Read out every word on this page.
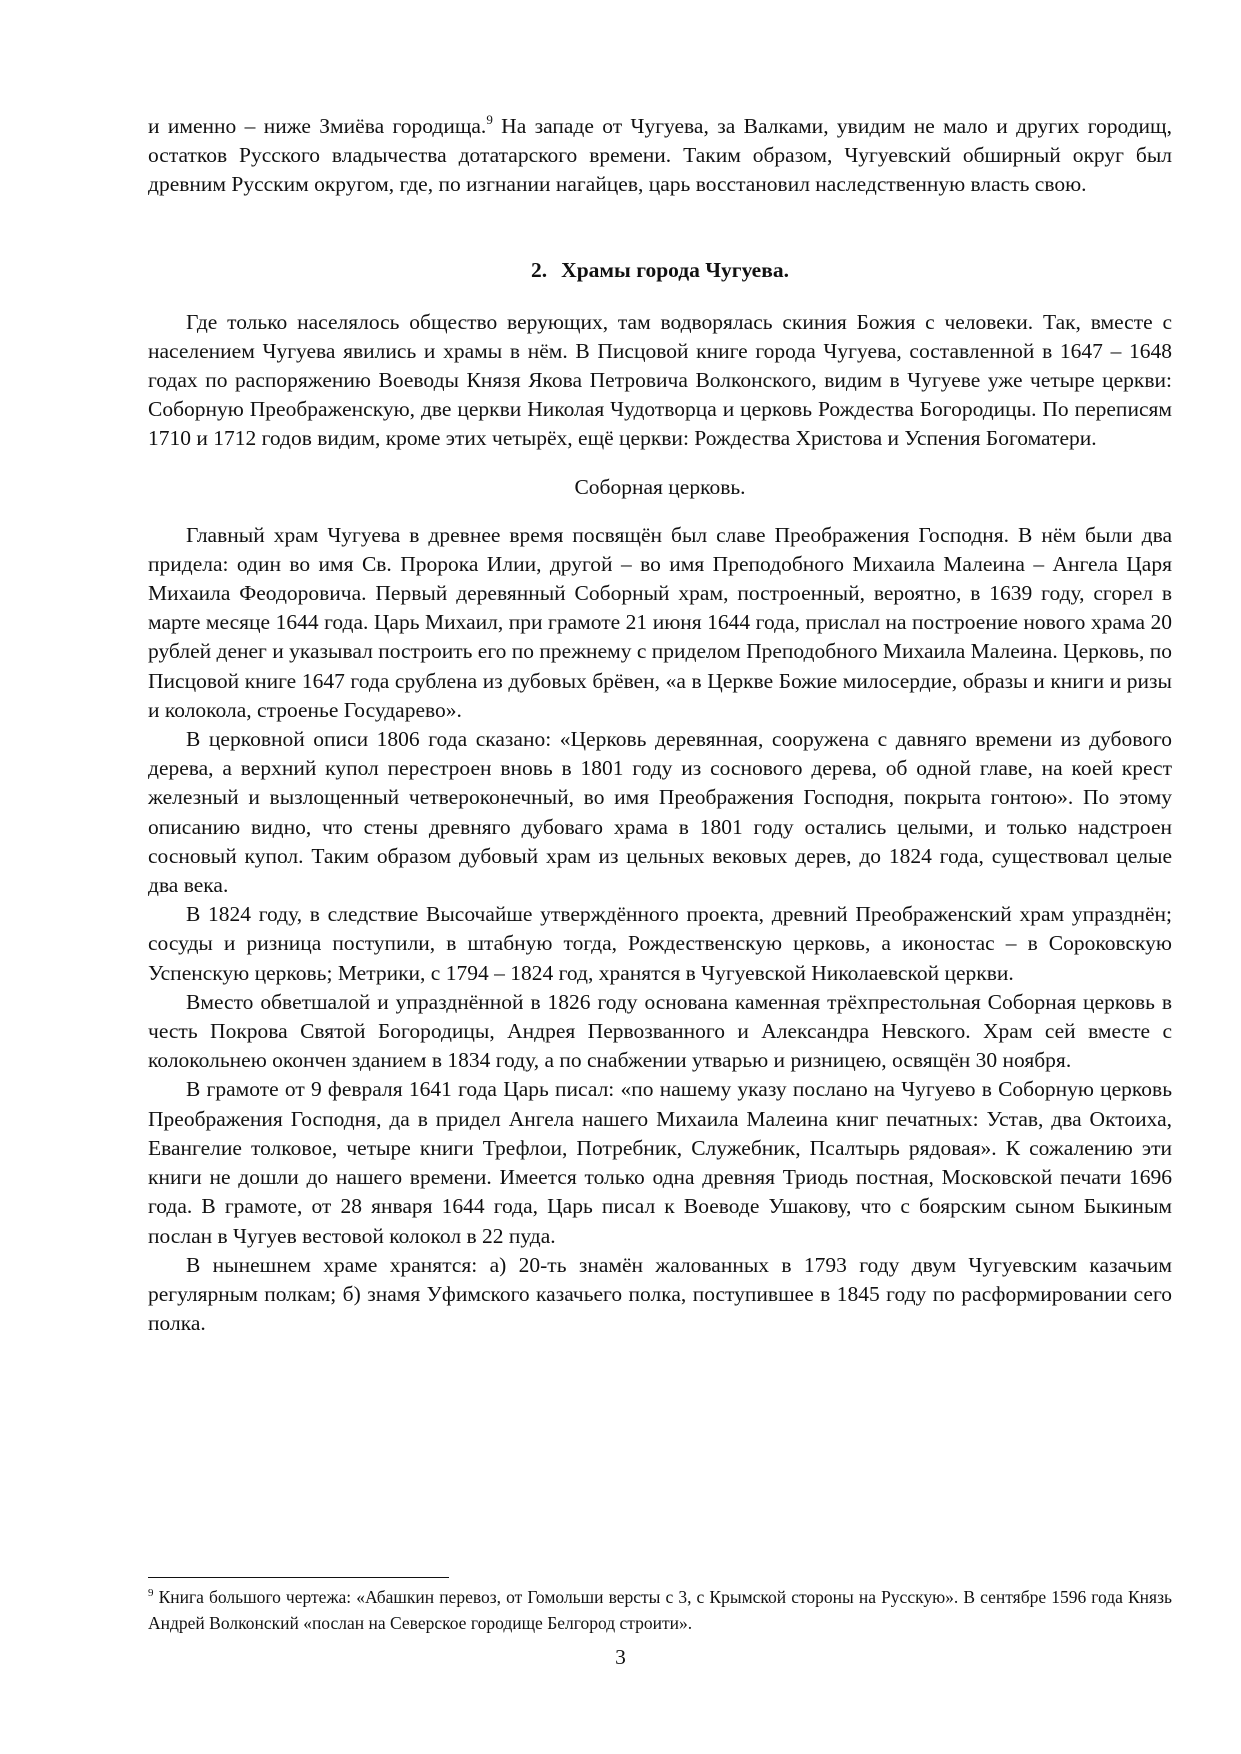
и именно – ниже Змиёва городища.$^9$ На западе от Чугуева, за Валками, увидим не мало и других городищ, остатков Русского владычества дотатарского времени. Таким образом, Чугуевский обширный округ был древним Русским округом, где, по изгнании нагайцев, царь восстановил наследственную власть свою.

2. Храмы города Чугуева.

Где только населялось общество верующих, там водворялась скиния Божия с человеки. Так, вместе с населением Чугуева явились и храмы в нём. В Писцовой книге города Чугуева, составленной в 1647 – 1648 годах по распоряжению Воеводы Князя Якова Петровича Волконского, видим в Чугуеве уже четыре церкви: Соборную Преображенскую, две церкви Николая Чудотворца и церковь Рождества Богородицы. По переписям 1710 и 1712 годов видим, кроме этих четырёх, ещё церкви: Рождества Христова и Успения Богоматери.

Соборная церковь.

Главный храм Чугуева в древнее время посвящён был славе Преображения Господня. В нём были два придела: один во имя Св. Пророка Илии, другой – во имя Преподобного Михаила Малеина – Ангела Царя Михаила Феодоровича. Первый деревянный Соборный храм, построенный, вероятно, в 1639 году, сгорел в марте месяце 1644 года. Царь Михаил, при грамоте 21 июня 1644 года, прислал на построение нового храма 20 рублей денег и указывал построить его по прежнему с приделом Преподобного Михаила Малеина. Церковь, по Писцовой книге 1647 года срублена из дубовых брёвен, «а в Церкве Божие милосердие, образы и книги и ризы и колокола, строенье Государево».

В церковной описи 1806 года сказано: «Церковь деревянная, сооружена с давняго времени из дубового дерева, а верхний купол перестроен вновь в 1801 году из соснового дерева, об одной главе, на коей крест железный и вызлощенный четвероконечный, во имя Преображения Господня, покрыта гонтою». По этому описанию видно, что стены древняго дубоваго храма в 1801 году остались целыми, и только надстроен сосновый купол. Таким образом дубовый храм из цельных вековых дерев, до 1824 года, существовал целые два века.

В 1824 году, в следствие Высочайше утверждённого проекта, древний Преображенский храм упразднён; сосуды и ризница поступили, в штабную тогда, Рождественскую церковь, а иконостас – в Сороковскую Успенскую церковь; Метрики, с 1794 – 1824 год, хранятся в Чугуевской Николаевской церкви.

Вместо обветшалой и упразднённой в 1826 году основана каменная трёхпрестольная Соборная церковь в честь Покрова Святой Богородицы, Андрея Первозванного и Александра Невского. Храм сей вместе с колокольнею окончен зданием в 1834 году, а по снабжении утварью и ризницею, освящён 30 ноября.

В грамоте от 9 февраля 1641 года Царь писал: «по нашему указу послано на Чугуево в Соборную церковь Преображения Господня, да в придел Ангела нашего Михаила Малеина книг печатных: Устав, два Октоиха, Евангелие толковое, четыре книги Трефлои, Потребник, Служебник, Псалтырь рядовая». К сожалению эти книги не дошли до нашего времени. Имеется только одна древняя Триодь постная, Московской печати 1696 года. В грамоте, от 28 января 1644 года, Царь писал к Воеводе Ушакову, что с боярским сыном Быкиным послан в Чугуев вестовой колокол в 22 пуда.

В нынешнем храме хранятся: а) 20-ть знамён жалованных в 1793 году двум Чугуевским казачьим регулярным полкам; б) знамя Уфимского казачьего полка, поступившее в 1845 году по расформировании сего полка.

$^9$ Книга большого чертежа: «Абашкин перевоз, от Гомольши версты с 3, с Крымской стороны на Русскую». В сентябре 1596 года Князь Андрей Волконский «послан на Северское городище Белгород строити».
3
